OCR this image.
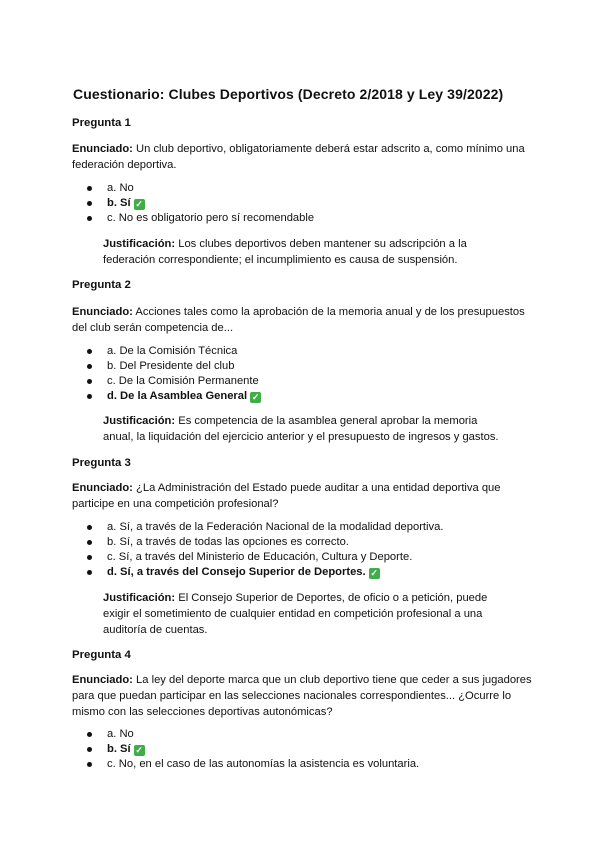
Cuestionario: Clubes Deportivos (Decreto 2/2018 y Ley 39/2022)
Pregunta 1

Enunciado: Un club deportivo, obligatoriamente deberá estar adscrito a, como mínimo una federación deportiva.

a. No
b. Sí ✓
c. No es obligatorio pero sí recomendable

Justificación: Los clubes deportivos deben mantener su adscripción a la federación correspondiente; el incumplimiento es causa de suspensión.

Pregunta 2

Enunciado: Acciones tales como la aprobación de la memoria anual y de los presupuestos del club serán competencia de...

a. De la Comisión Técnica
b. Del Presidente del club
c. De la Comisión Permanente
d. De la Asamblea General ✓

Justificación: Es competencia de la asamblea general aprobar la memoria anual, la liquidación del ejercicio anterior y el presupuesto de ingresos y gastos.

Pregunta 3

Enunciado: ¿La Administración del Estado puede auditar a una entidad deportiva que participe en una competición profesional?

a. Sí, a través de la Federación Nacional de la modalidad deportiva.
b. Sí, a través de todas las opciones es correcto.
c. Sí, a través del Ministerio de Educación, Cultura y Deporte.
d. Sí, a través del Consejo Superior de Deportes. ✓

Justificación: El Consejo Superior de Deportes, de oficio o a petición, puede exigir el sometimiento de cualquier entidad en competición profesional a una auditoría de cuentas.

Pregunta 4

Enunciado: La ley del deporte marca que un club deportivo tiene que ceder a sus jugadores para que puedan participar en las selecciones nacionales correspondientes... ¿Ocurre lo mismo con las selecciones deportivas autonómicas?

a. No
b. Sí ✓
c. No, en el caso de las autonomías la asistencia es voluntaria.
